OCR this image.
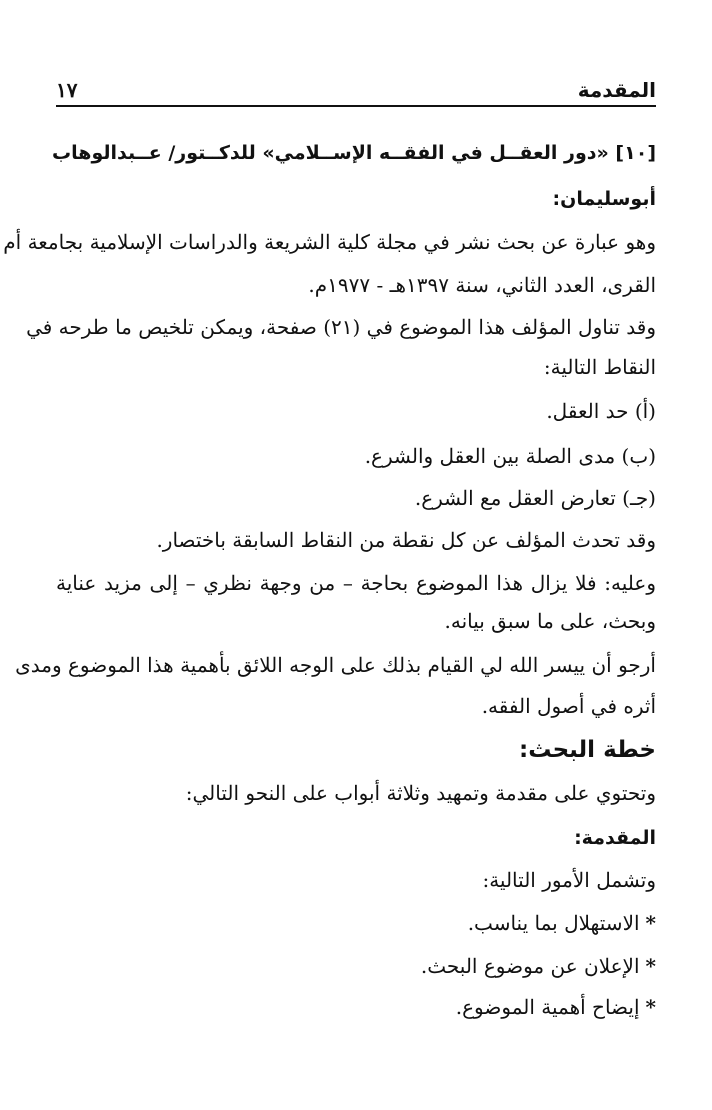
المقدمة
١٧
[١٠] «دور العقــل في الفقــه الإســلامي» للدكــتور/ عــبدالوهاب
أبوسليمان:
وهو عبارة عن بحث نشر في مجلة كلية الشريعة والدراسات الإسلامية بجامعة أم
القرى، العدد الثاني، سنة ١٣٩٧هـ - ١٩٧٧م.
وقد تناول المؤلف هذا الموضوع في (٢١) صفحة، ويمكن تلخيص ما طرحه في
النقاط التالية:
(أ) حد العقل.
(ب) مدى الصلة بين العقل والشرع.
(جـ) تعارض العقل مع الشرع.
وقد تحدث المؤلف عن كل نقطة من النقاط السابقة باختصار.
وعليه: فلا يزال هذا الموضوع بحاجة – من وجهة نظري – إلى مزيد عناية
وبحث، على ما سبق بيانه.
أرجو أن ييسر الله لي القيام بذلك على الوجه اللائق بأهمية هذا الموضوع ومدى
أثره في أصول الفقه.
خطة البحث:
وتحتوي على مقدمة وتمهيد وثلاثة أبواب على النحو التالي:
المقدمة:
وتشمل الأمور التالية:
*الاستهلال بما يناسب.
*الإعلان عن موضوع البحث.
*إيضاح أهمية الموضوع.
